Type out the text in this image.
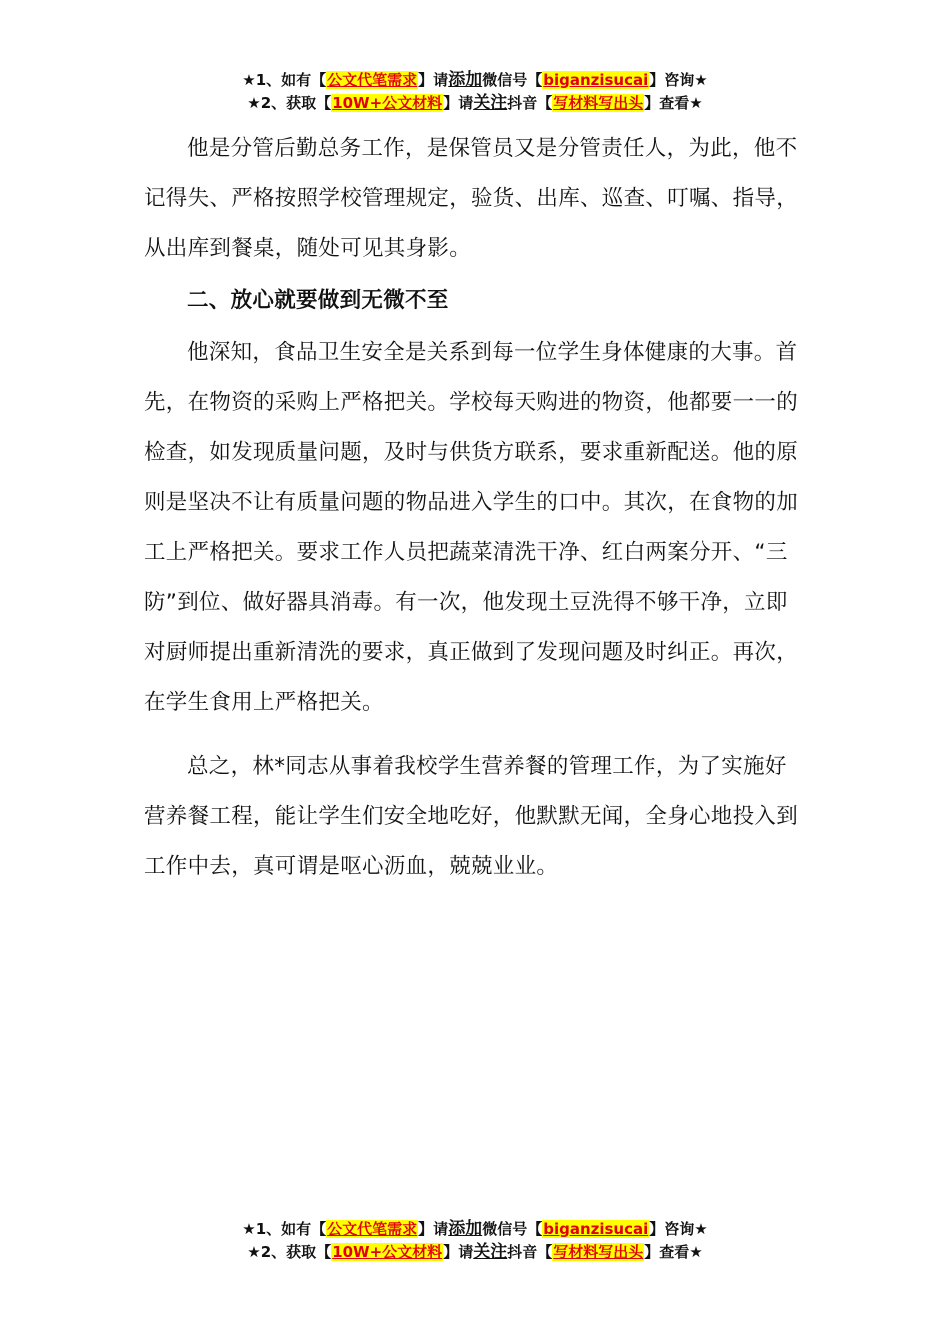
★1、如有【公文代笔需求】请添加微信号【biganzisucai】咨询★
★2、获取【10W+公文材料】请关注抖音【写材料写出头】查看★

他是分管后勤总务工作，是保管员又是分管责任人，为此，他不记得失、严格按照学校管理规定，验货、出库、巡查、叮嘱、指导，从出库到餐桌，随处可见其身影。

二、放心就要做到无微不至

他深知，食品卫生安全是关系到每一位学生身体健康的大事。首先，在物资的采购上严格把关。学校每天购进的物资，他都要一一的检查，如发现质量问题，及时与供货方联系，要求重新配送。他的原则是坚决不让有质量问题的物品进入学生的口中。其次，在食物的加工上严格把关。要求工作人员把蔬菜清洗干净、红白两案分开、“三防”到位、做好器具消毒。有一次，他发现土豆洗得不够干净，立即对厨师提出重新清洗的要求，真正做到了发现问题及时纠正。再次，在学生食用上严格把关。

总之，林*同志从事着我校学生营养餐的管理工作，为了实施好营养餐工程，能让学生们安全地吃好，他默默无闻，全身心地投入到工作中去，真可谓是呕心沥血，兢兢业业。

★1、如有【公文代笔需求】请添加微信号【biganzisucai】咨询★
★2、获取【10W+公文材料】请关注抖音【写材料写出头】查看★
